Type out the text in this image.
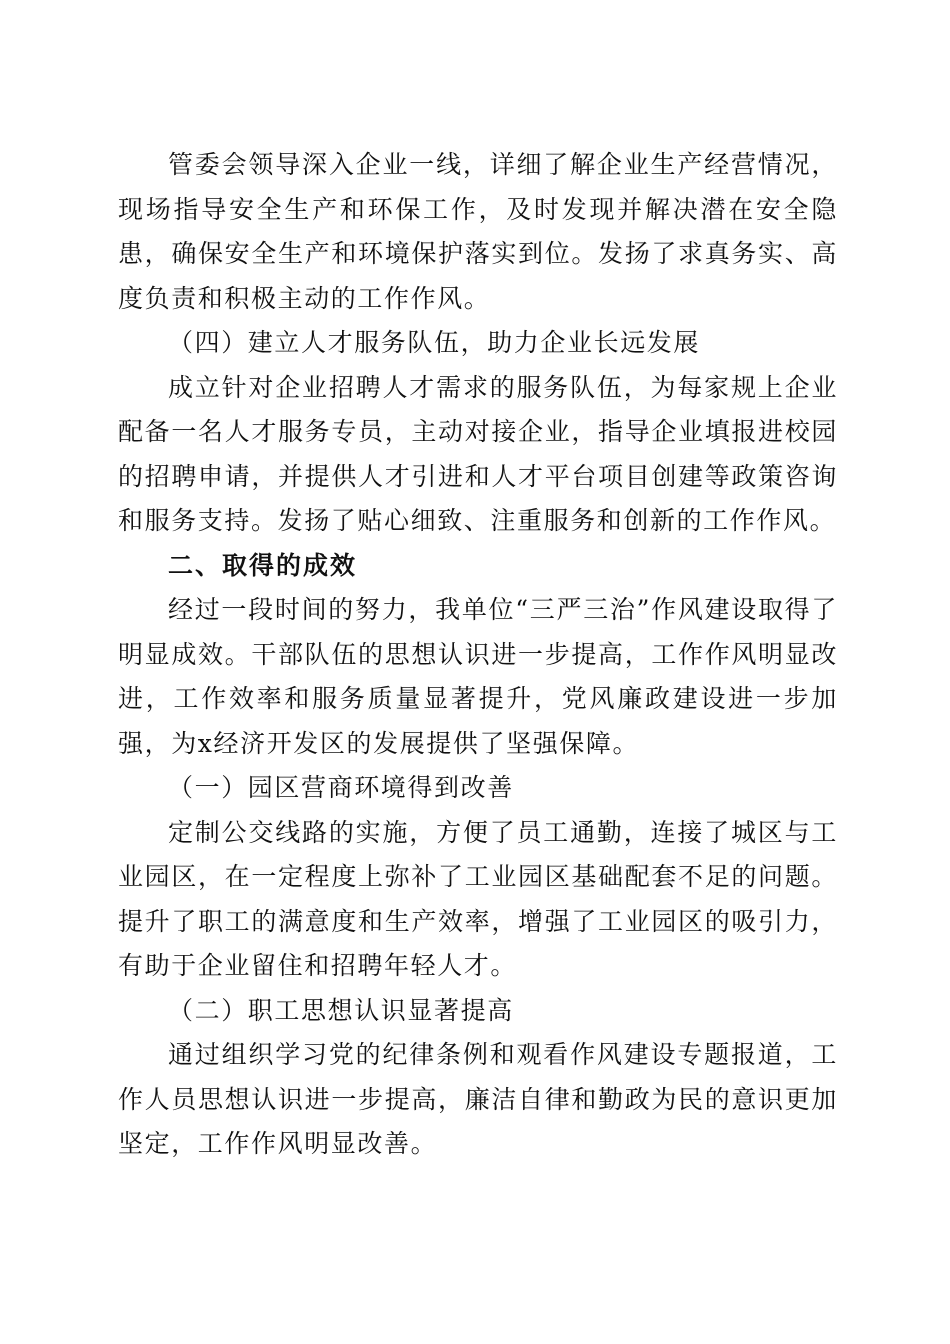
管委会领导深入企业一线，详细了解企业生产经营情况，现场指导安全生产和环保工作，及时发现并解决潜在安全隐患，确保安全生产和环境保护落实到位。发扬了求真务实、高度负责和积极主动的工作作风。

（四）建立人才服务队伍，助力企业长远发展

成立针对企业招聘人才需求的服务队伍，为每家规上企业配备一名人才服务专员，主动对接企业，指导企业填报进校园的招聘申请，并提供人才引进和人才平台项目创建等政策咨询和服务支持。发扬了贴心细致、注重服务和创新的工作作风。

二、取得的成效

经过一段时间的努力，我单位“三严三治”作风建设取得了明显成效。干部队伍的思想认识进一步提高，工作作风明显改进，工作效率和服务质量显著提升，党风廉政建设进一步加强，为x经济开发区的发展提供了坚强保障。

（一）园区营商环境得到改善

定制公交线路的实施，方便了员工通勤，连接了城区与工业园区，在一定程度上弥补了工业园区基础配套不足的问题。提升了职工的满意度和生产效率，增强了工业园区的吸引力，有助于企业留住和招聘年轻人才。

（二）职工思想认识显著提高

通过组织学习党的纪律条例和观看作风建设专题报道，工作人员思想认识进一步提高，廉洁自律和勤政为民的意识更加坚定，工作作风明显改善。
